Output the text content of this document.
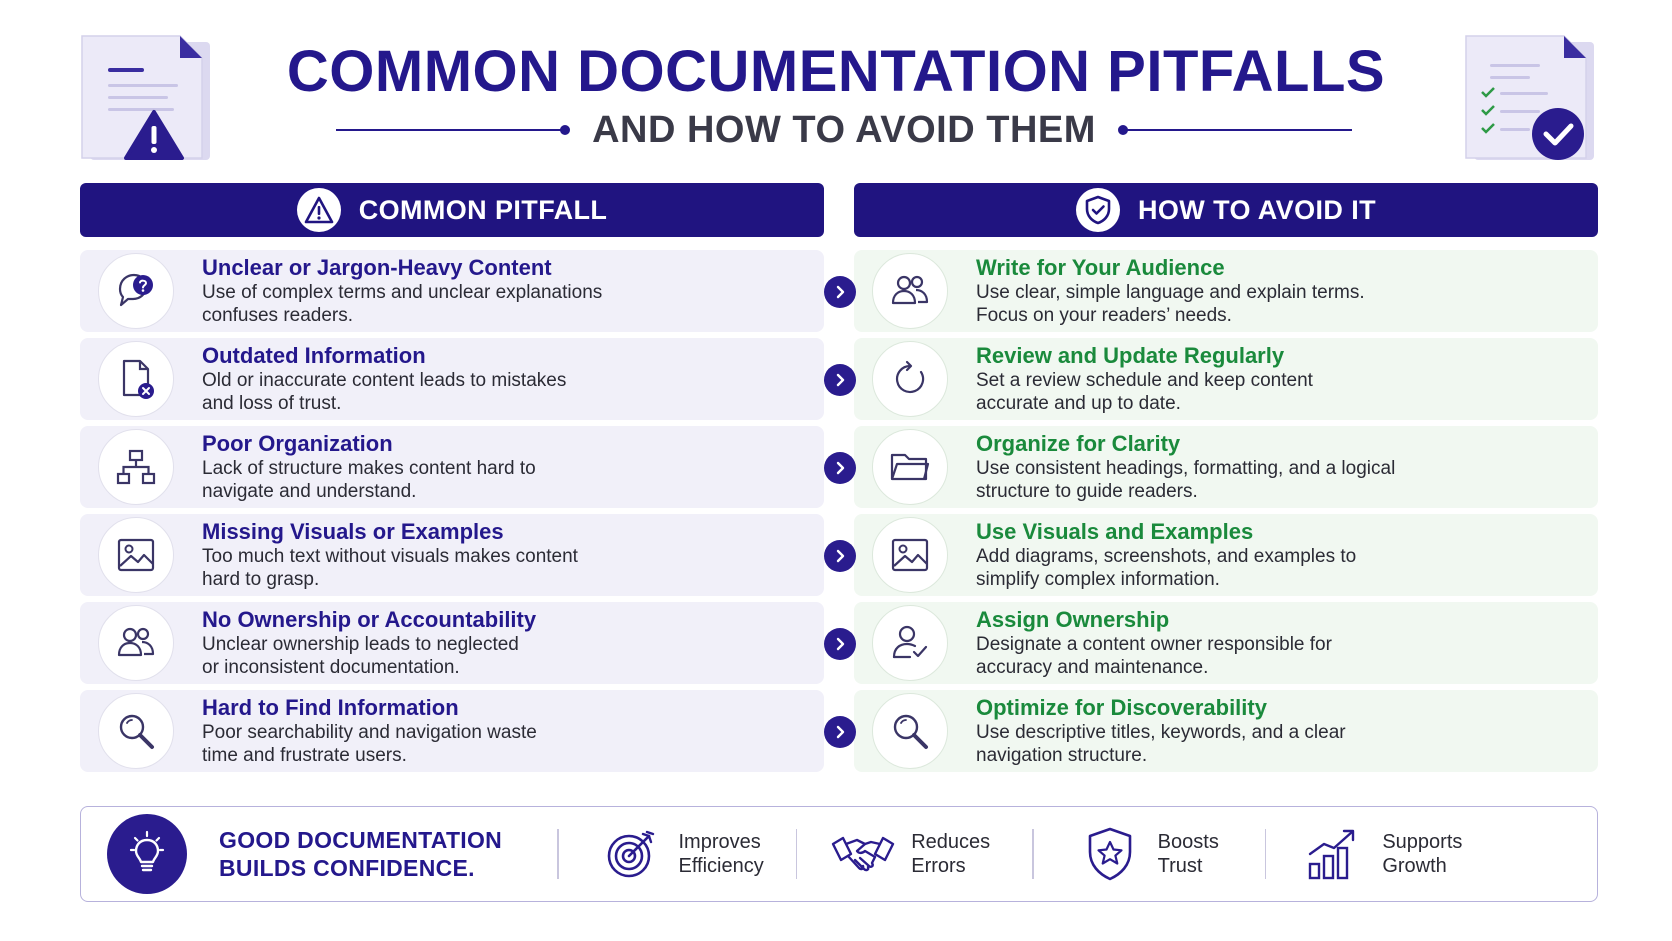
COMMON DOCUMENTATION PITFALLS
AND HOW TO AVOID THEM
COMMON PITFALL	HOW TO AVOID IT
Unclear or Jargon-Heavy Content
Use of complex terms and unclear explanations
confuses readers.
Write for Your Audience
Use clear, simple language and explain terms.
Focus on your readers’ needs.
Outdated Information
Old or inaccurate content leads to mistakes
and loss of trust.
Review and Update Regularly
Set a review schedule and keep content
accurate and up to date.
Poor Organization
Lack of structure makes content hard to
navigate and understand.
Organize for Clarity
Use consistent headings, formatting, and a logical
structure to guide readers.
Missing Visuals or Examples
Too much text without visuals makes content
hard to grasp.
Use Visuals and Examples
Add diagrams, screenshots, and examples to
simplify complex information.
No Ownership or Accountability
Unclear ownership leads to neglected
or inconsistent documentation.
Assign Ownership
Designate a content owner responsible for
accuracy and maintenance.
Hard to Find Information
Poor searchability and navigation waste
time and frustrate users.
Optimize for Discoverability
Use descriptive titles, keywords, and a clear
navigation structure.
GOOD DOCUMENTATION
BUILDS CONFIDENCE.
Improves
Efficiency
Reduces
Errors
Boosts
Trust
Supports
Growth
